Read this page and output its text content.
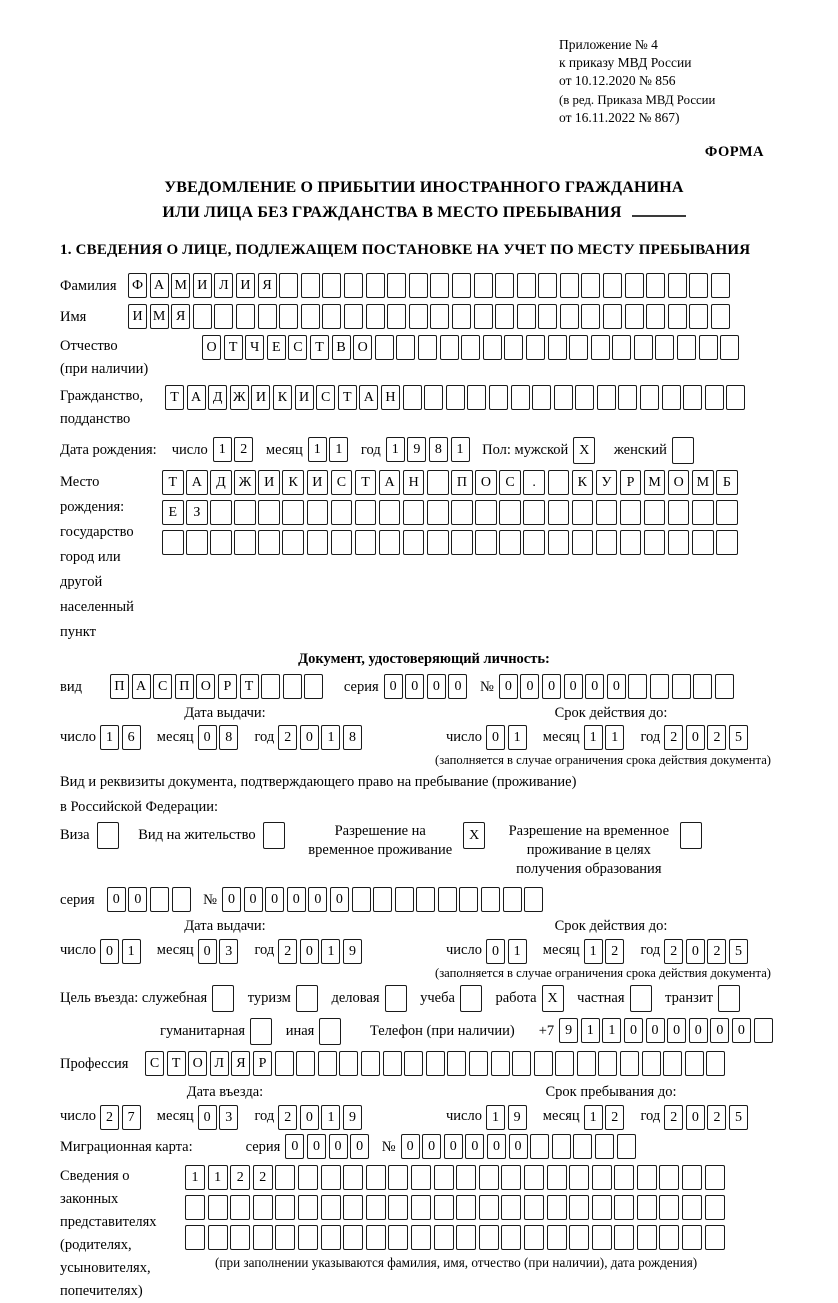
Приложение № 4
к приказу МВД России
от 10.12.2020 № 856
(в ред. Приказа МВД России
от 16.11.2022 № 867)
ФОРМА
УВЕДОМЛЕНИЕ О ПРИБЫТИИ ИНОСТРАННОГО ГРАЖДАНИНА
ИЛИ ЛИЦА БЕЗ ГРАЖДАНСТВА В МЕСТО ПРЕБЫВАНИЯ
1. СВЕДЕНИЯ О ЛИЦЕ, ПОДЛЕЖАЩЕМ ПОСТАНОВКЕ НА УЧЕТ ПО МЕСТУ ПРЕБЫВАНИЯ
Фамилия	Ф А М И Л И Я
Имя	И М Я
Отчество
(при наличии)
О Т Ч Е С Т В О
Гражданство,
подданство
Т А Д Ж И К И С Т А Н
Дата рождения: число 1 2	месяц 1 1	год 1 9 8 1	Пол: мужской X	женский

Место рождения:
государство
город или другой
населенный пункт
Т А Д Ж И К И С Т А Н	П О С .	К У Р М О М Б
Е З

Документ, удостоверяющий личность:
вид	П А С П О Р Т	серия 0 0 0 0	№ 0 0 0 0 0 0
Дата выдачи:
число 1 6 месяц 0 8 год 2 0 1 8
Срок действия до:
число 0 1 месяц 1 1 год 2 0 2 5
(заполняется в случае ограничения срока действия документа)
Вид и реквизиты документа, подтверждающего право на пребывание (проживание)
в Российской Федерации:
Виза
	Вид на жительство
	Разрешение на временное проживание
X	Разрешение на временное проживание в целях получения образования

серия	0 0	№ 0 0 0 0 0 0
Дата выдачи:
число 0 1 месяц 0 3 год 2 0 1 9
Срок действия до:
число 0 1 месяц 1 2 год 2 0 2 5
(заполняется в случае ограничения срока действия документа)
Цель въезда: служебная
	туризм
	деловая
	учеба
	работа X	частная
	транзит

гуманитарная
	иная
	Телефон (при наличии) +7 9 1 1 0 0 0 0 0 0
Профессия	С Т О Л Я Р
Дата въезда:
число 2 7 месяц 0 3 год 2 0 1 9
Срок пребывания до:
число 1 9 месяц 1 2 год 2 0 2 5
Миграционная карта:	серия 0 0 0 0	№ 0 0 0 0 0 0
Сведения о законных представителях (родителях, усыновителях, попечителях)
1 1 2 2

(при заполнении указываются фамилия, имя, отчество (при наличии), дата рождения)
